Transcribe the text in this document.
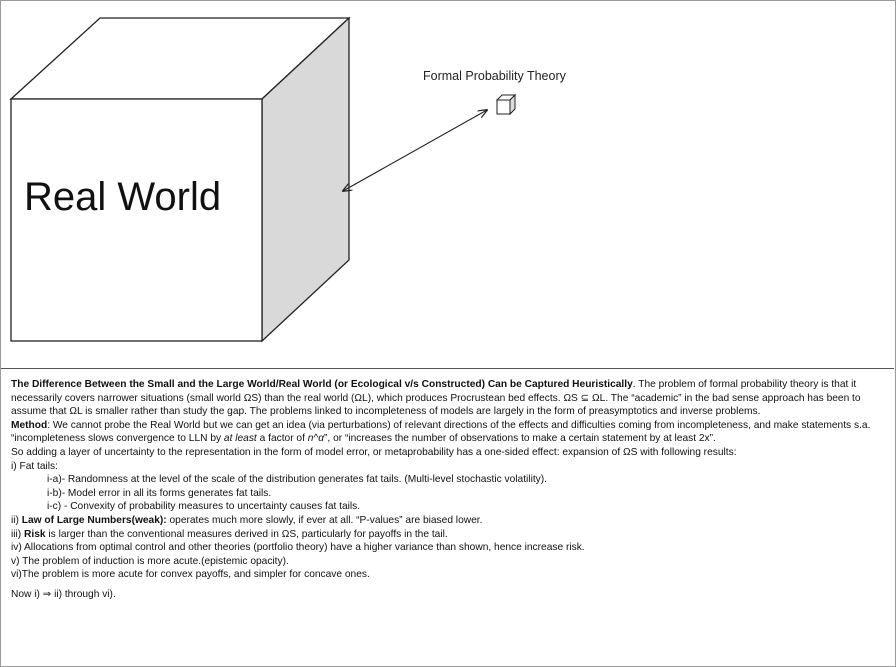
Real World
Formal Probability Theory

The Difference Between the Small and the Large World/Real World (or Ecological v/s Constructed) Can be Captured Heuristically. The problem of formal probability theory is that it necessarily covers narrower situations (small world ΩS) than the real world (ΩL), which produces Procrustean bed effects. ΩS ⊆ ΩL. The “academic” in the bad sense approach has been to assume that ΩL is smaller rather than study the gap. The problems linked to incompleteness of models are largely in the form of preasymptotics and inverse problems.

Method: We cannot probe the Real World but we can get an idea (via perturbations) of relevant directions of the effects and difficulties coming from incompleteness, and make statements s.a. “incompleteness slows convergence to LLN by at least a factor of n^α”, or “increases the number of observations to make a certain statement by at least 2x”.

So adding a layer of uncertainty to the representation in the form of model error, or metaprobability has a one-sided effect: expansion of ΩS with following results:

i) Fat tails:

i-a)- Randomness at the level of the scale of the distribution generates fat tails. (Multi-level stochastic volatility).

i-b)- Model error in all its forms generates fat tails.

i-c) - Convexity of probability measures to uncertainty causes fat tails.

ii) Law of Large Numbers(weak): operates much more slowly, if ever at all. “P-values” are biased lower.

iii) Risk is larger than the conventional measures derived in ΩS, particularly for payoffs in the tail.

iv) Allocations from optimal control and other theories (portfolio theory) have a higher variance than shown, hence increase risk.

v) The problem of induction is more acute.(epistemic opacity).

vi)The problem is more acute for convex payoffs, and simpler for concave ones.

Now i) ⇒ ii) through vi).
